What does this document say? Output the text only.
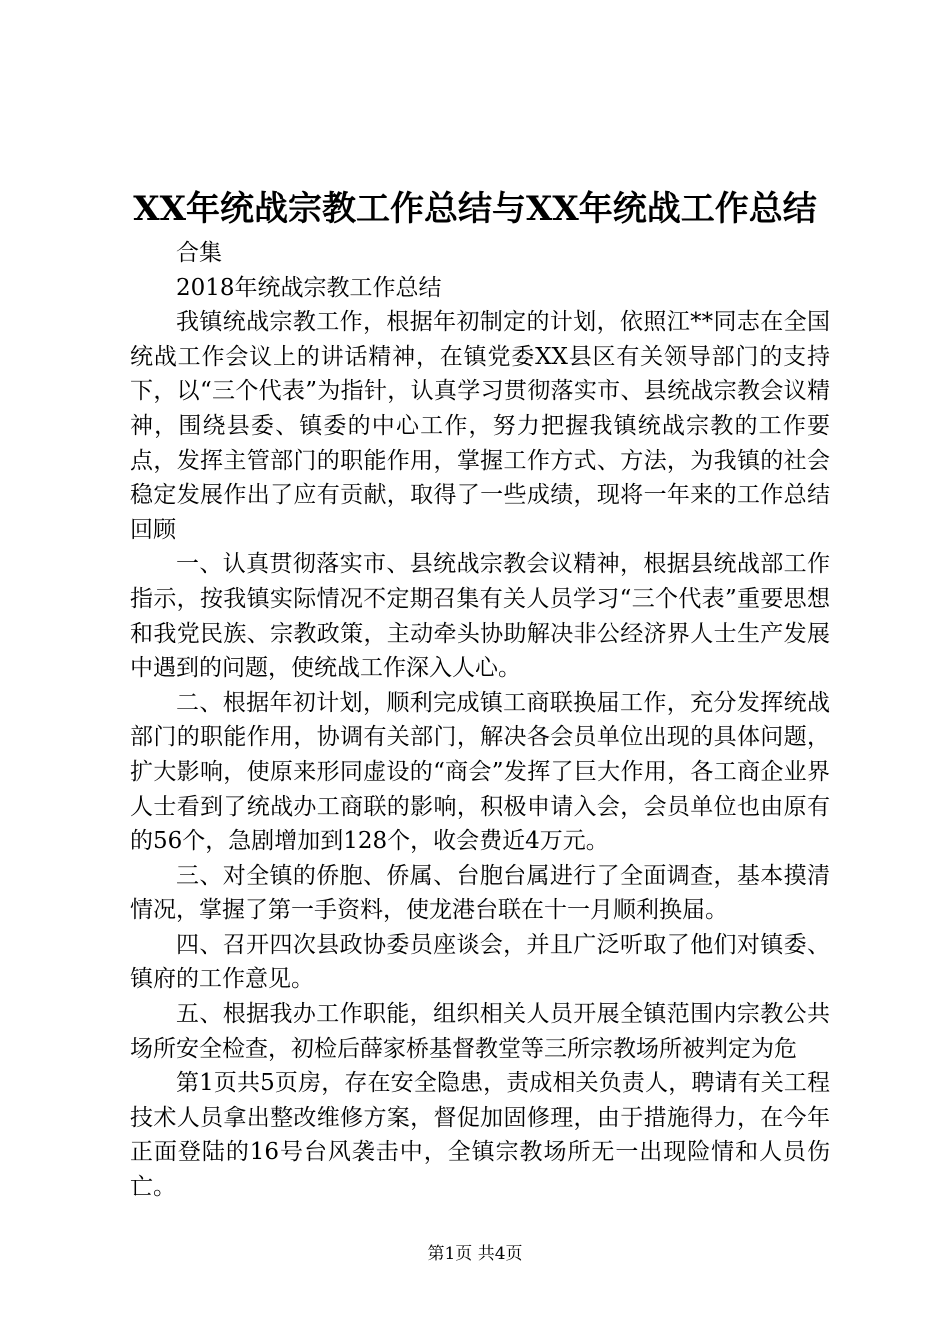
XX年统战宗教工作总结与XX年统战工作总结

合集

2018年统战宗教工作总结

我镇统战宗教工作，根据年初制定的计划，依照江**同志在全国统战工作会议上的讲话精神，在镇党委XX县区有关领导部门的支持下，以“三个代表”为指针，认真学习贯彻落实市、县统战宗教会议精神，围绕县委、镇委的中心工作，努力把握我镇统战宗教的工作要点，发挥主管部门的职能作用，掌握工作方式、方法，为我镇的社会稳定发展作出了应有贡献，取得了一些成绩，现将一年来的工作总结回顾

一、认真贯彻落实市、县统战宗教会议精神，根据县统战部工作指示，按我镇实际情况不定期召集有关人员学习“三个代表”重要思想和我党民族、宗教政策，主动牵头协助解决非公经济界人士生产发展中遇到的问题，使统战工作深入人心。

二、根据年初计划，顺利完成镇工商联换届工作，充分发挥统战部门的职能作用，协调有关部门，解决各会员单位出现的具体问题，扩大影响，使原来形同虚设的“商会”发挥了巨大作用，各工商企业界人士看到了统战办工商联的影响，积极申请入会，会员单位也由原有的56个，急剧增加到128个，收会费近4万元。

三、对全镇的侨胞、侨属、台胞台属进行了全面调查，基本摸清情况，掌握了第一手资料，使龙港台联在十一月顺利换届。

四、召开四次县政协委员座谈会，并且广泛听取了他们对镇委、镇府的工作意见。

五、根据我办工作职能，组织相关人员开展全镇范围内宗教公共场所安全检查，初检后薛家桥基督教堂等三所宗教场所被判定为危

第1页共5页房，存在安全隐患，责成相关负责人，聘请有关工程技术人员拿出整改维修方案，督促加固修理，由于措施得力，在今年正面登陆的16号台风袭击中，全镇宗教场所无一出现险情和人员伤亡。

第1页 共4页
